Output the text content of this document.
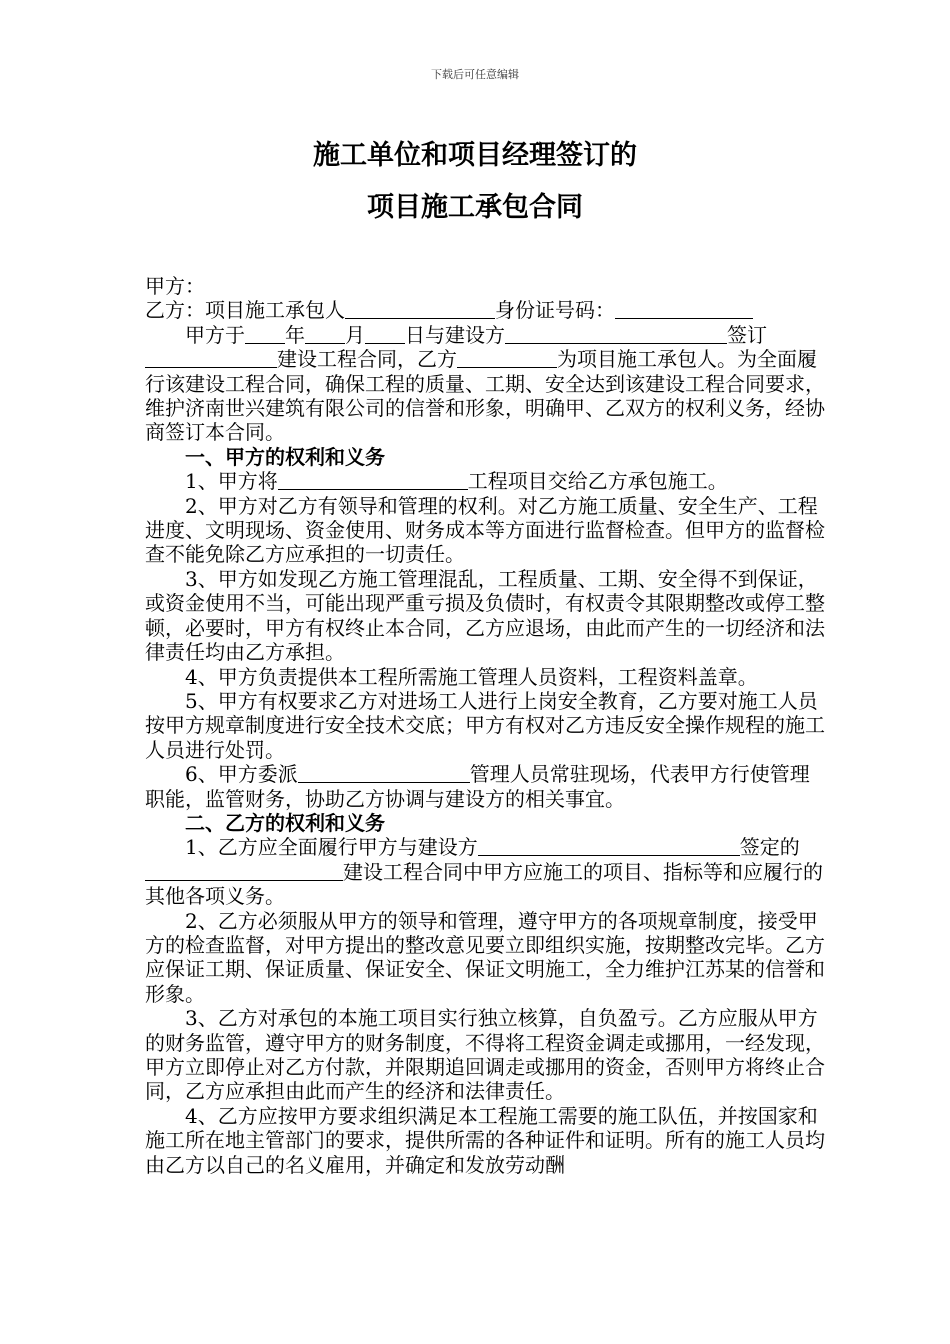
下载后可任意编辑
施工单位和项目经理签订的
项目施工承包合同

甲方：

乙方：项目施工承包人	身份证号码：

甲方于 年 月 日与建设方	签订建设工程合同，乙方	为项目施工承包人。为全面履行该建设工程合同，确保工程的质量、工期、安全达到该建设工程合同要求，维护济南世兴建筑有限公司的信誉和形象，明确甲、乙双方的权利义务，经协商签订本合同。

一、甲方的权利和义务

1、甲方将	工程项目交给乙方承包施工。

2、甲方对乙方有领导和管理的权利。对乙方施工质量、安全生产、工程进度、文明现场、资金使用、财务成本等方面进行监督检查。但甲方的监督检查不能免除乙方应承担的一切责任。

3、甲方如发现乙方施工管理混乱，工程质量、工期、安全得不到保证，或资金使用不当，可能出现严重亏损及负债时，有权责令其限期整改或停工整顿，必要时，甲方有权终止本合同，乙方应退场，由此而产生的一切经济和法律责任均由乙方承担。

4、甲方负责提供本工程所需施工管理人员资料，工程资料盖章。

5、甲方有权要求乙方对进场工人进行上岗安全教育，乙方要对施工人员按甲方规章制度进行安全技术交底；甲方有权对乙方违反安全操作规程的施工人员进行处罚。

6、甲方委派	管理人员常驻现场，代表甲方行使管理职能，监管财务，协助乙方协调与建设方的相关事宜。

二、乙方的权利和义务

1、乙方应全面履行甲方与建设方	签定的建设工程合同中甲方应施工的项目、指标等和应履行的其他各项义务。

2、乙方必须服从甲方的领导和管理，遵守甲方的各项规章制度，接受甲方的检查监督，对甲方提出的整改意见要立即组织实施，按期整改完毕。乙方应保证工期、保证质量、保证安全、保证文明施工，全力维护江苏某的信誉和形象。

3、乙方对承包的本施工项目实行独立核算，自负盈亏。乙方应服从甲方的财务监管，遵守甲方的财务制度，不得将工程资金调走或挪用，一经发现，甲方立即停止对乙方付款，并限期追回调走或挪用的资金，否则甲方将终止合同，乙方应承担由此而产生的经济和法律责任。

4、乙方应按甲方要求组织满足本工程施工需要的施工队伍，并按国家和施工所在地主管部门的要求，提供所需的各种证件和证明。所有的施工人员均由乙方以自己的名义雇用，并确定和发放劳动酬
